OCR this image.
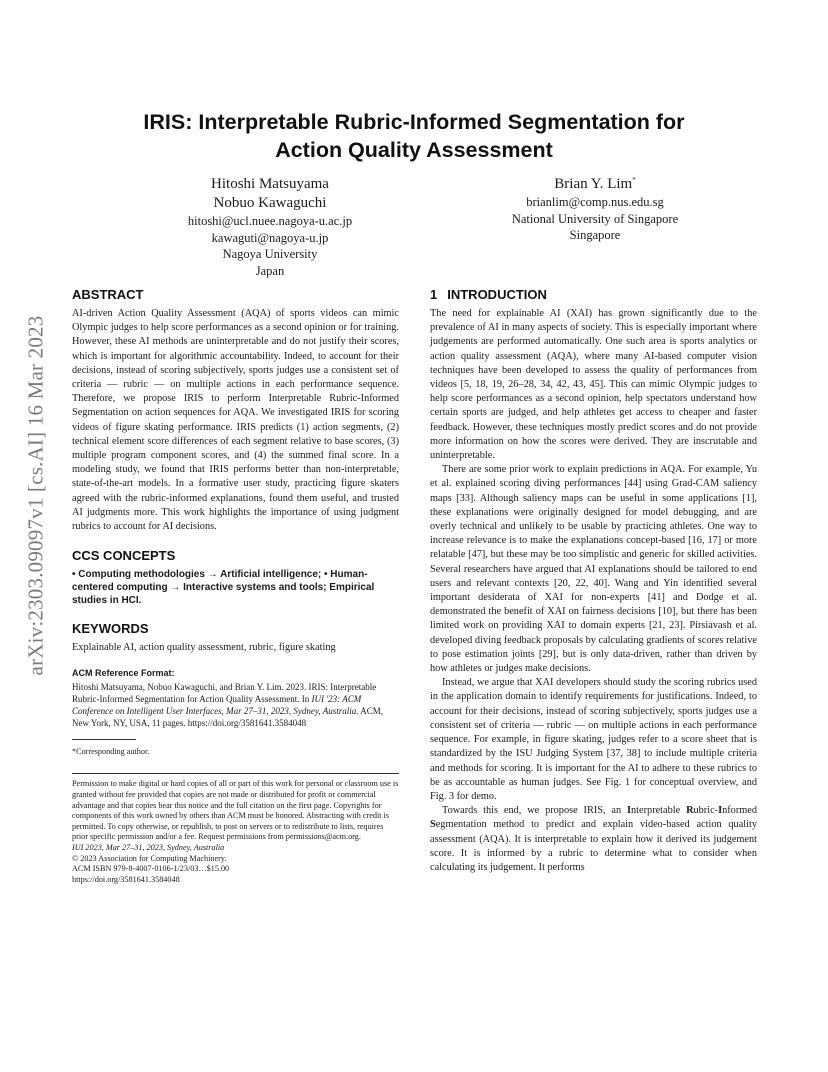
arXiv:2303.09097v1 [cs.AI] 16 Mar 2023
IRIS: Interpretable Rubric-Informed Segmentation for
Action Quality Assessment
Hitoshi Matsuyama
Nobuo Kawaguchi
hitoshi@ucl.nuee.nagoya-u.ac.jp
kawaguti@nagoya-u.jp
Nagoya University
Japan
Brian Y. Lim*
brianlim@comp.nus.edu.sg
National University of Singapore
Singapore
ABSTRACT

AI-driven Action Quality Assessment (AQA) of sports videos can mimic Olympic judges to help score performances as a second opinion or for training. However, these AI methods are uninterpretable and do not justify their scores, which is important for algorithmic accountability. Indeed, to account for their decisions, instead of scoring subjectively, sports judges use a consistent set of criteria — rubric — on multiple actions in each performance sequence. Therefore, we propose IRIS to perform Interpretable Rubric-Informed Segmentation on action sequences for AQA. We investigated IRIS for scoring videos of figure skating performance. IRIS predicts (1) action segments, (2) technical element score differences of each segment relative to base scores, (3) multiple program component scores, and (4) the summed final score. In a modeling study, we found that IRIS performs better than non-interpretable, state-of-the-art models. In a formative user study, practicing figure skaters agreed with the rubric-informed explanations, found them useful, and trusted AI judgments more. This work highlights the importance of using judgment rubrics to account for AI decisions.

CCS CONCEPTS

• Computing methodologies → Artificial intelligence; • Human-centered computing → Interactive systems and tools; Empirical studies in HCI.

KEYWORDS

Explainable AI, action quality assessment, rubric, figure skating

ACM Reference Format:

Hitoshi Matsuyama, Nobuo Kawaguchi, and Brian Y. Lim. 2023. IRIS: Interpretable Rubric-Informed Segmentation for Action Quality Assessment. In IUI '23: ACM Conference on Intelligent User Interfaces, Mar 27–31, 2023, Sydney, Australia. ACM, New York, NY, USA, 11 pages. https://doi.org/3581641.3584048

*Corresponding author.

Permission to make digital or hard copies of all or part of this work for personal or classroom use is granted without fee provided that copies are not made or distributed for profit or commercial advantage and that copies bear this notice and the full citation on the first page. Copyrights for components of this work owned by others than ACM must be honored. Abstracting with credit is permitted. To copy otherwise, or republish, to post on servers or to redistribute to lists, requires prior specific permission and/or a fee. Request permissions from permissions@acm.org.

IUI 2023, Mar 27–31, 2023, Sydney, Australia

© 2023 Association for Computing Machinery.

ACM ISBN 979-8-4007-0106-1/23/03…$15.00

https://doi.org/3581641.3584048

1 INTRODUCTION

The need for explainable AI (XAI) has grown significantly due to the prevalence of AI in many aspects of society. This is especially important where judgements are performed automatically. One such area is sports analytics or action quality assessment (AQA), where many AI-based computer vision techniques have been developed to assess the quality of performances from videos [5, 18, 19, 26–28, 34, 42, 43, 45]. This can mimic Olympic judges to help score performances as a second opinion, help spectators understand how certain sports are judged, and help athletes get access to cheaper and faster feedback. However, these techniques mostly predict scores and do not provide more information on how the scores were derived. They are inscrutable and uninterpretable.

There are some prior work to explain predictions in AQA. For example, Yu et al. explained scoring diving performances [44] using Grad-CAM saliency maps [33]. Although saliency maps can be useful in some applications [1], these explanations were originally designed for model debugging, and are overly technical and unlikely to be usable by practicing athletes. One way to increase relevance is to make the explanations concept-based [16, 17] or more relatable [47], but these may be too simplistic and generic for skilled activities. Several researchers have argued that AI explanations should be tailored to end users and relevant contexts [20, 22, 40]. Wang and Yin identified several important desiderata of XAI for non-experts [41] and Dodge et al. demonstrated the benefit of XAI on fairness decisions [10], but there has been limited work on providing XAI to domain experts [21, 23]. Pirsiavash et al. developed diving feedback proposals by calculating gradients of scores relative to pose estimation joints [29], but is only data-driven, rather than driven by how athletes or judges make decisions.

Instead, we argue that XAI developers should study the scoring rubrics used in the application domain to identify requirements for justifications. Indeed, to account for their decisions, instead of scoring subjectively, sports judges use a consistent set of criteria — rubric — on multiple actions in each performance sequence. For example, in figure skating, judges refer to a score sheet that is standardized by the ISU Judging System [37, 38] to include multiple criteria and methods for scoring. It is important for the AI to adhere to these rubrics to be as accountable as human judges. See Fig. 1 for conceptual overview, and Fig. 3 for demo.

Towards this end, we propose IRIS, an Interpretable Rubric-Informed Segmentation method to predict and explain video-based action quality assessment (AQA). It is interpretable to explain how it derived its judgement score. It is informed by a rubric to determine what to consider when calculating its judgement. It performs
